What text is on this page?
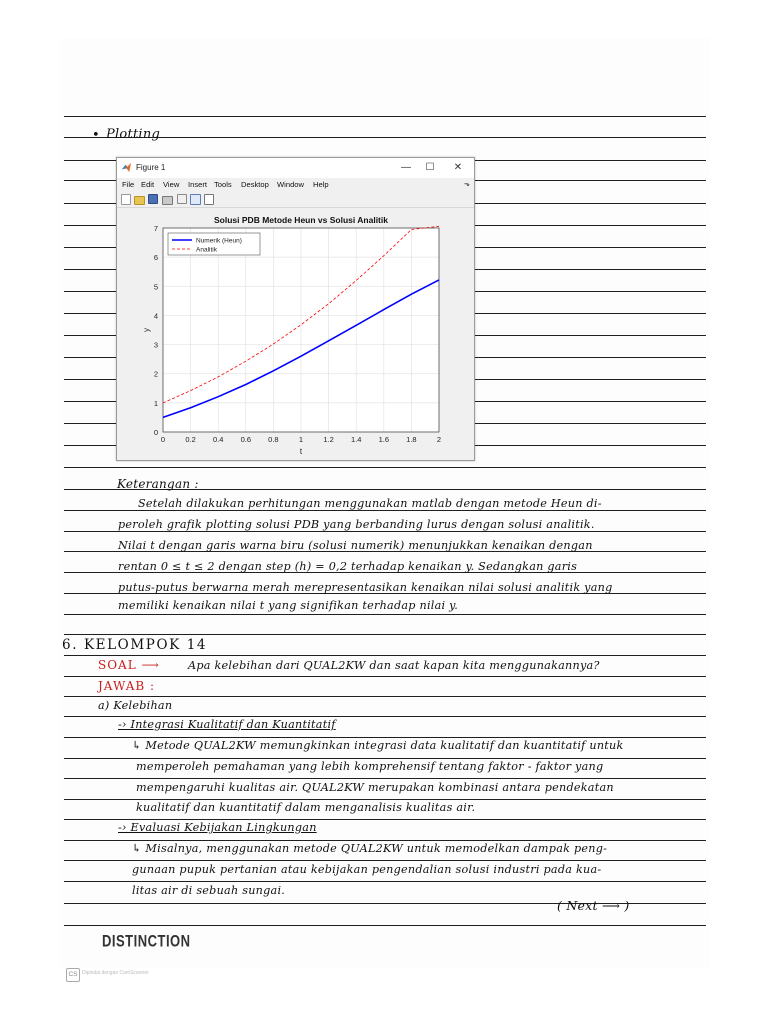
• Plotting
Figure 1	— ☐ ✕
File Edit View Insert Tools Desktop Window Help	⬎
0	0.2 0.4 0.6 0.8	1	1.2 1.4 1.6 1.8	2
0
1
2
3
4
5
6
7
Solusi PDB Metode Heun vs Solusi Analitik
t
y
Numerik (Heun)
Analitik
Keterangan :
Setelah dilakukan perhitungan menggunakan matlab dengan metode Heun di-
peroleh grafik plotting solusi PDB yang berbanding lurus dengan solusi analitik.
Nilai t dengan garis warna biru (solusi numerik) menunjukkan kenaikan dengan
rentan 0 ≤ t ≤ 2 dengan step (h) = 0,2 terhadap kenaikan y. Sedangkan garis
putus-putus berwarna merah merepresentasikan kenaikan nilai solusi analitik yang
memiliki kenaikan nilai t yang signifikan terhadap nilai y.
6. KELOMPOK 14
SOAL ⟶	Apa kelebihan dari QUAL2KW dan saat kapan kita menggunakannya?
JAWAB :
a) Kelebihan
-› Integrasi Kualitatif dan Kuantitatif
↳ Metode QUAL2KW memungkinkan integrasi data kualitatif dan kuantitatif untuk
memperoleh pemahaman yang lebih komprehensif tentang faktor - faktor yang
mempengaruhi kualitas air. QUAL2KW merupakan kombinasi antara pendekatan
kualitatif dan kuantitatif dalam menganalisis kualitas air.
-› Evaluasi Kebijakan Lingkungan
↳ Misalnya, menggunakan metode QUAL2KW untuk memodelkan dampak peng-
gunaan pupuk pertanian atau kebijakan pengendalian solusi industri pada kua-
litas air di sebuah sungai.
( Next ⟶ )
DISTINCTION
CS Dipindai dengan CamScanner
